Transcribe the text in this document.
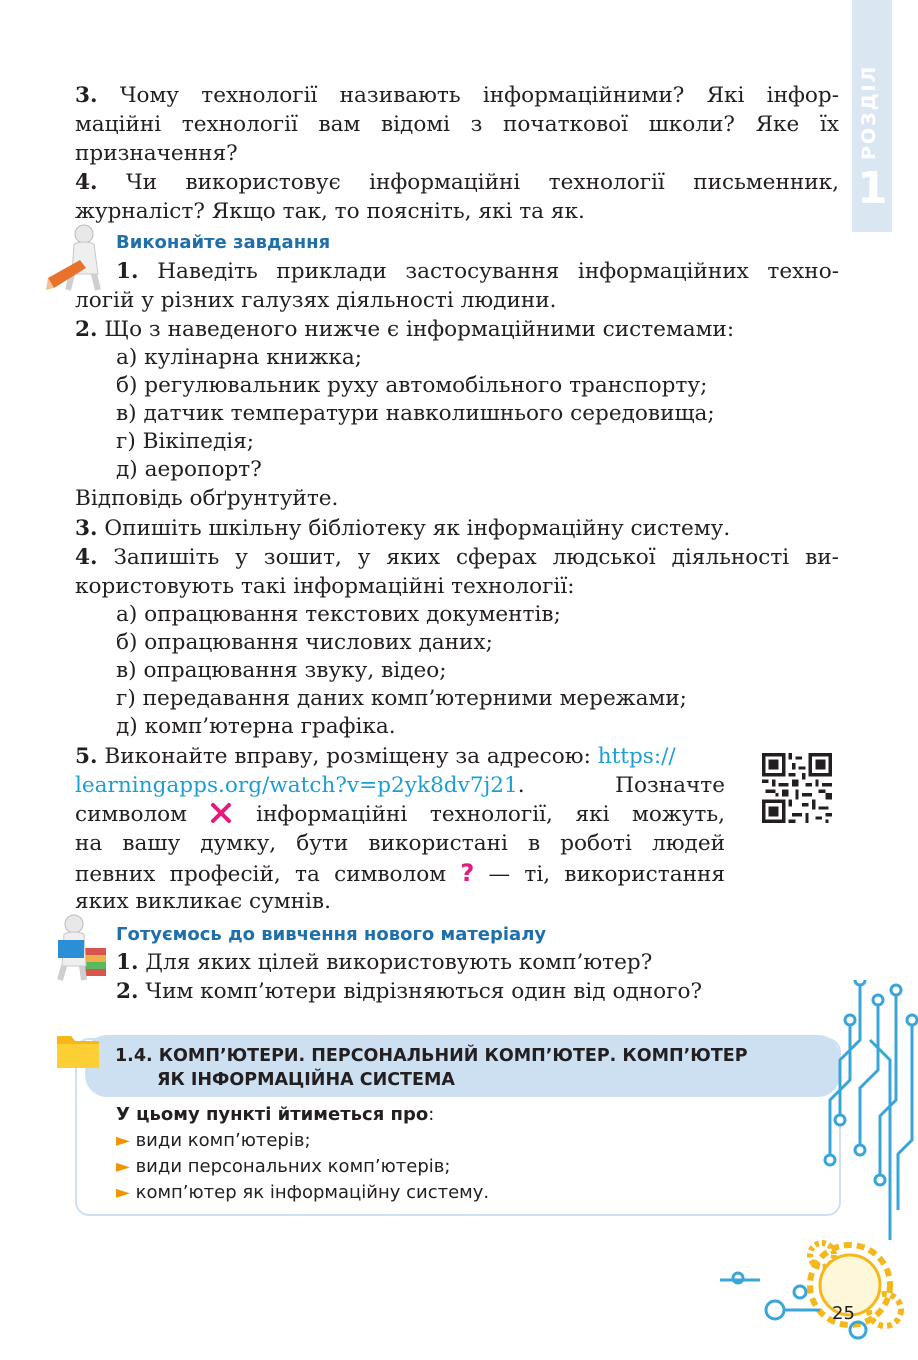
1
3. Чому технології називають інформаційними? Які інфор-
маційні технології вам відомі з початкової школи? Яке їх
призначення?
4. Чи використовує інформаційні технології письменник,
журналіст? Якщо так, то поясніть, які та як.
Виконайте завдання
1. Наведіть приклади застосування інформаційних техно-
логій у різних галузях діяльності людини.
2. Що з наведеного нижче є інформаційними системами:
а) кулінарна книжка;
б) регулювальник руху автомобільного транспорту;
в) датчик температури навколишнього середовища;
г) Вікіпедія;
д) аеропорт?
Відповідь обґрунтуйте.
3. Опишіть шкільну бібліотеку як інформаційну систему.
4. Запишіть у зошит, у яких сферах людської діяльності ви-
користовують такі інформаційні технології:
а) опрацювання текстових документів;
б) опрацювання числових даних;
в) опрацювання звуку, відео;
г) передавання даних комп’ютерними мережами;
д) комп’ютерна графіка.
5. Виконайте вправу, розміщену за адресою: https://
learningapps.org/watch?v=p2yk8dv7j21. Позначте
символом	інформаційні технології, які можуть,
на вашу думку, бути використані в роботі людей
певних професій, та символом ? — ті, використання
яких викликає сумнів.
Готуємось до вивчення нового матеріалу
1. Для яких цілей використовують комп’ютер?
2. Чим комп’ютери відрізняються один від одного?
1.4. КОМП’ЮТЕРИ. ПЕРСОНАЛЬНИЙ КОМП’ЮТЕР. КОМП’ЮТЕР
ЯК ІНФОРМАЦІЙНА СИСТЕМА
У цьому пункті йтиметься про:
► види комп’ютерів;
► види персональних комп’ютерів;
► комп’ютер як інформаційну систему.
25
